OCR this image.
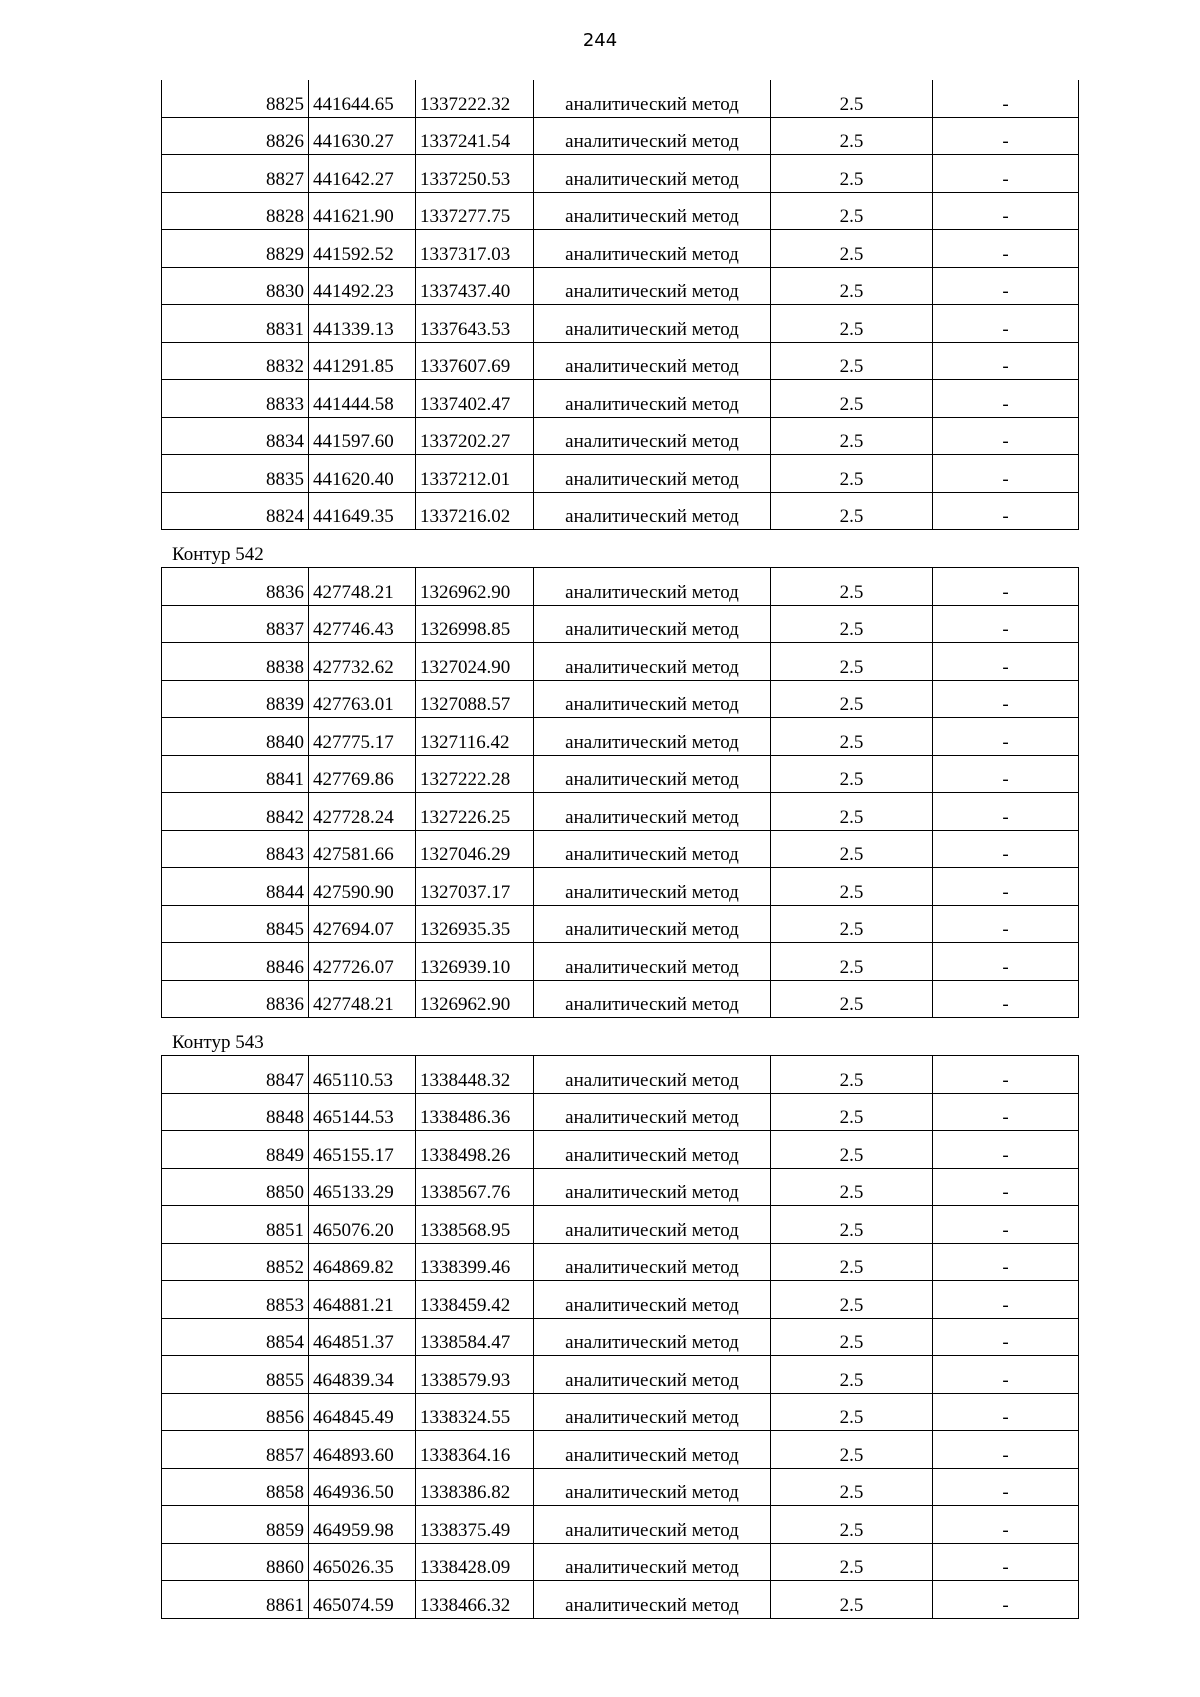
244
8825	441644.65	1337222.32	аналитический метод	2.5	-

8826	441630.27	1337241.54	аналитический метод	2.5	-

8827	441642.27	1337250.53	аналитический метод	2.5	-

8828	441621.90	1337277.75	аналитический метод	2.5	-

8829	441592.52	1337317.03	аналитический метод	2.5	-

8830	441492.23	1337437.40	аналитический метод	2.5	-

8831	441339.13	1337643.53	аналитический метод	2.5	-

8832	441291.85	1337607.69	аналитический метод	2.5	-

8833	441444.58	1337402.47	аналитический метод	2.5	-

8834	441597.60	1337202.27	аналитический метод	2.5	-

8835	441620.40	1337212.01	аналитический метод	2.5	-

8824	441649.35	1337216.02	аналитический метод	2.5	-
Контур 542
8836	427748.21	1326962.90	аналитический метод	2.5	-

8837	427746.43	1326998.85	аналитический метод	2.5	-

8838	427732.62	1327024.90	аналитический метод	2.5	-

8839	427763.01	1327088.57	аналитический метод	2.5	-

8840	427775.17	1327116.42	аналитический метод	2.5	-

8841	427769.86	1327222.28	аналитический метод	2.5	-

8842	427728.24	1327226.25	аналитический метод	2.5	-

8843	427581.66	1327046.29	аналитический метод	2.5	-

8844	427590.90	1327037.17	аналитический метод	2.5	-

8845	427694.07	1326935.35	аналитический метод	2.5	-

8846	427726.07	1326939.10	аналитический метод	2.5	-

8836	427748.21	1326962.90	аналитический метод	2.5	-
Контур 543
8847	465110.53	1338448.32	аналитический метод	2.5	-

8848	465144.53	1338486.36	аналитический метод	2.5	-

8849	465155.17	1338498.26	аналитический метод	2.5	-

8850	465133.29	1338567.76	аналитический метод	2.5	-

8851	465076.20	1338568.95	аналитический метод	2.5	-

8852	464869.82	1338399.46	аналитический метод	2.5	-

8853	464881.21	1338459.42	аналитический метод	2.5	-

8854	464851.37	1338584.47	аналитический метод	2.5	-

8855	464839.34	1338579.93	аналитический метод	2.5	-

8856	464845.49	1338324.55	аналитический метод	2.5	-

8857	464893.60	1338364.16	аналитический метод	2.5	-

8858	464936.50	1338386.82	аналитический метод	2.5	-

8859	464959.98	1338375.49	аналитический метод	2.5	-

8860	465026.35	1338428.09	аналитический метод	2.5	-

8861	465074.59	1338466.32	аналитический метод	2.5	-
